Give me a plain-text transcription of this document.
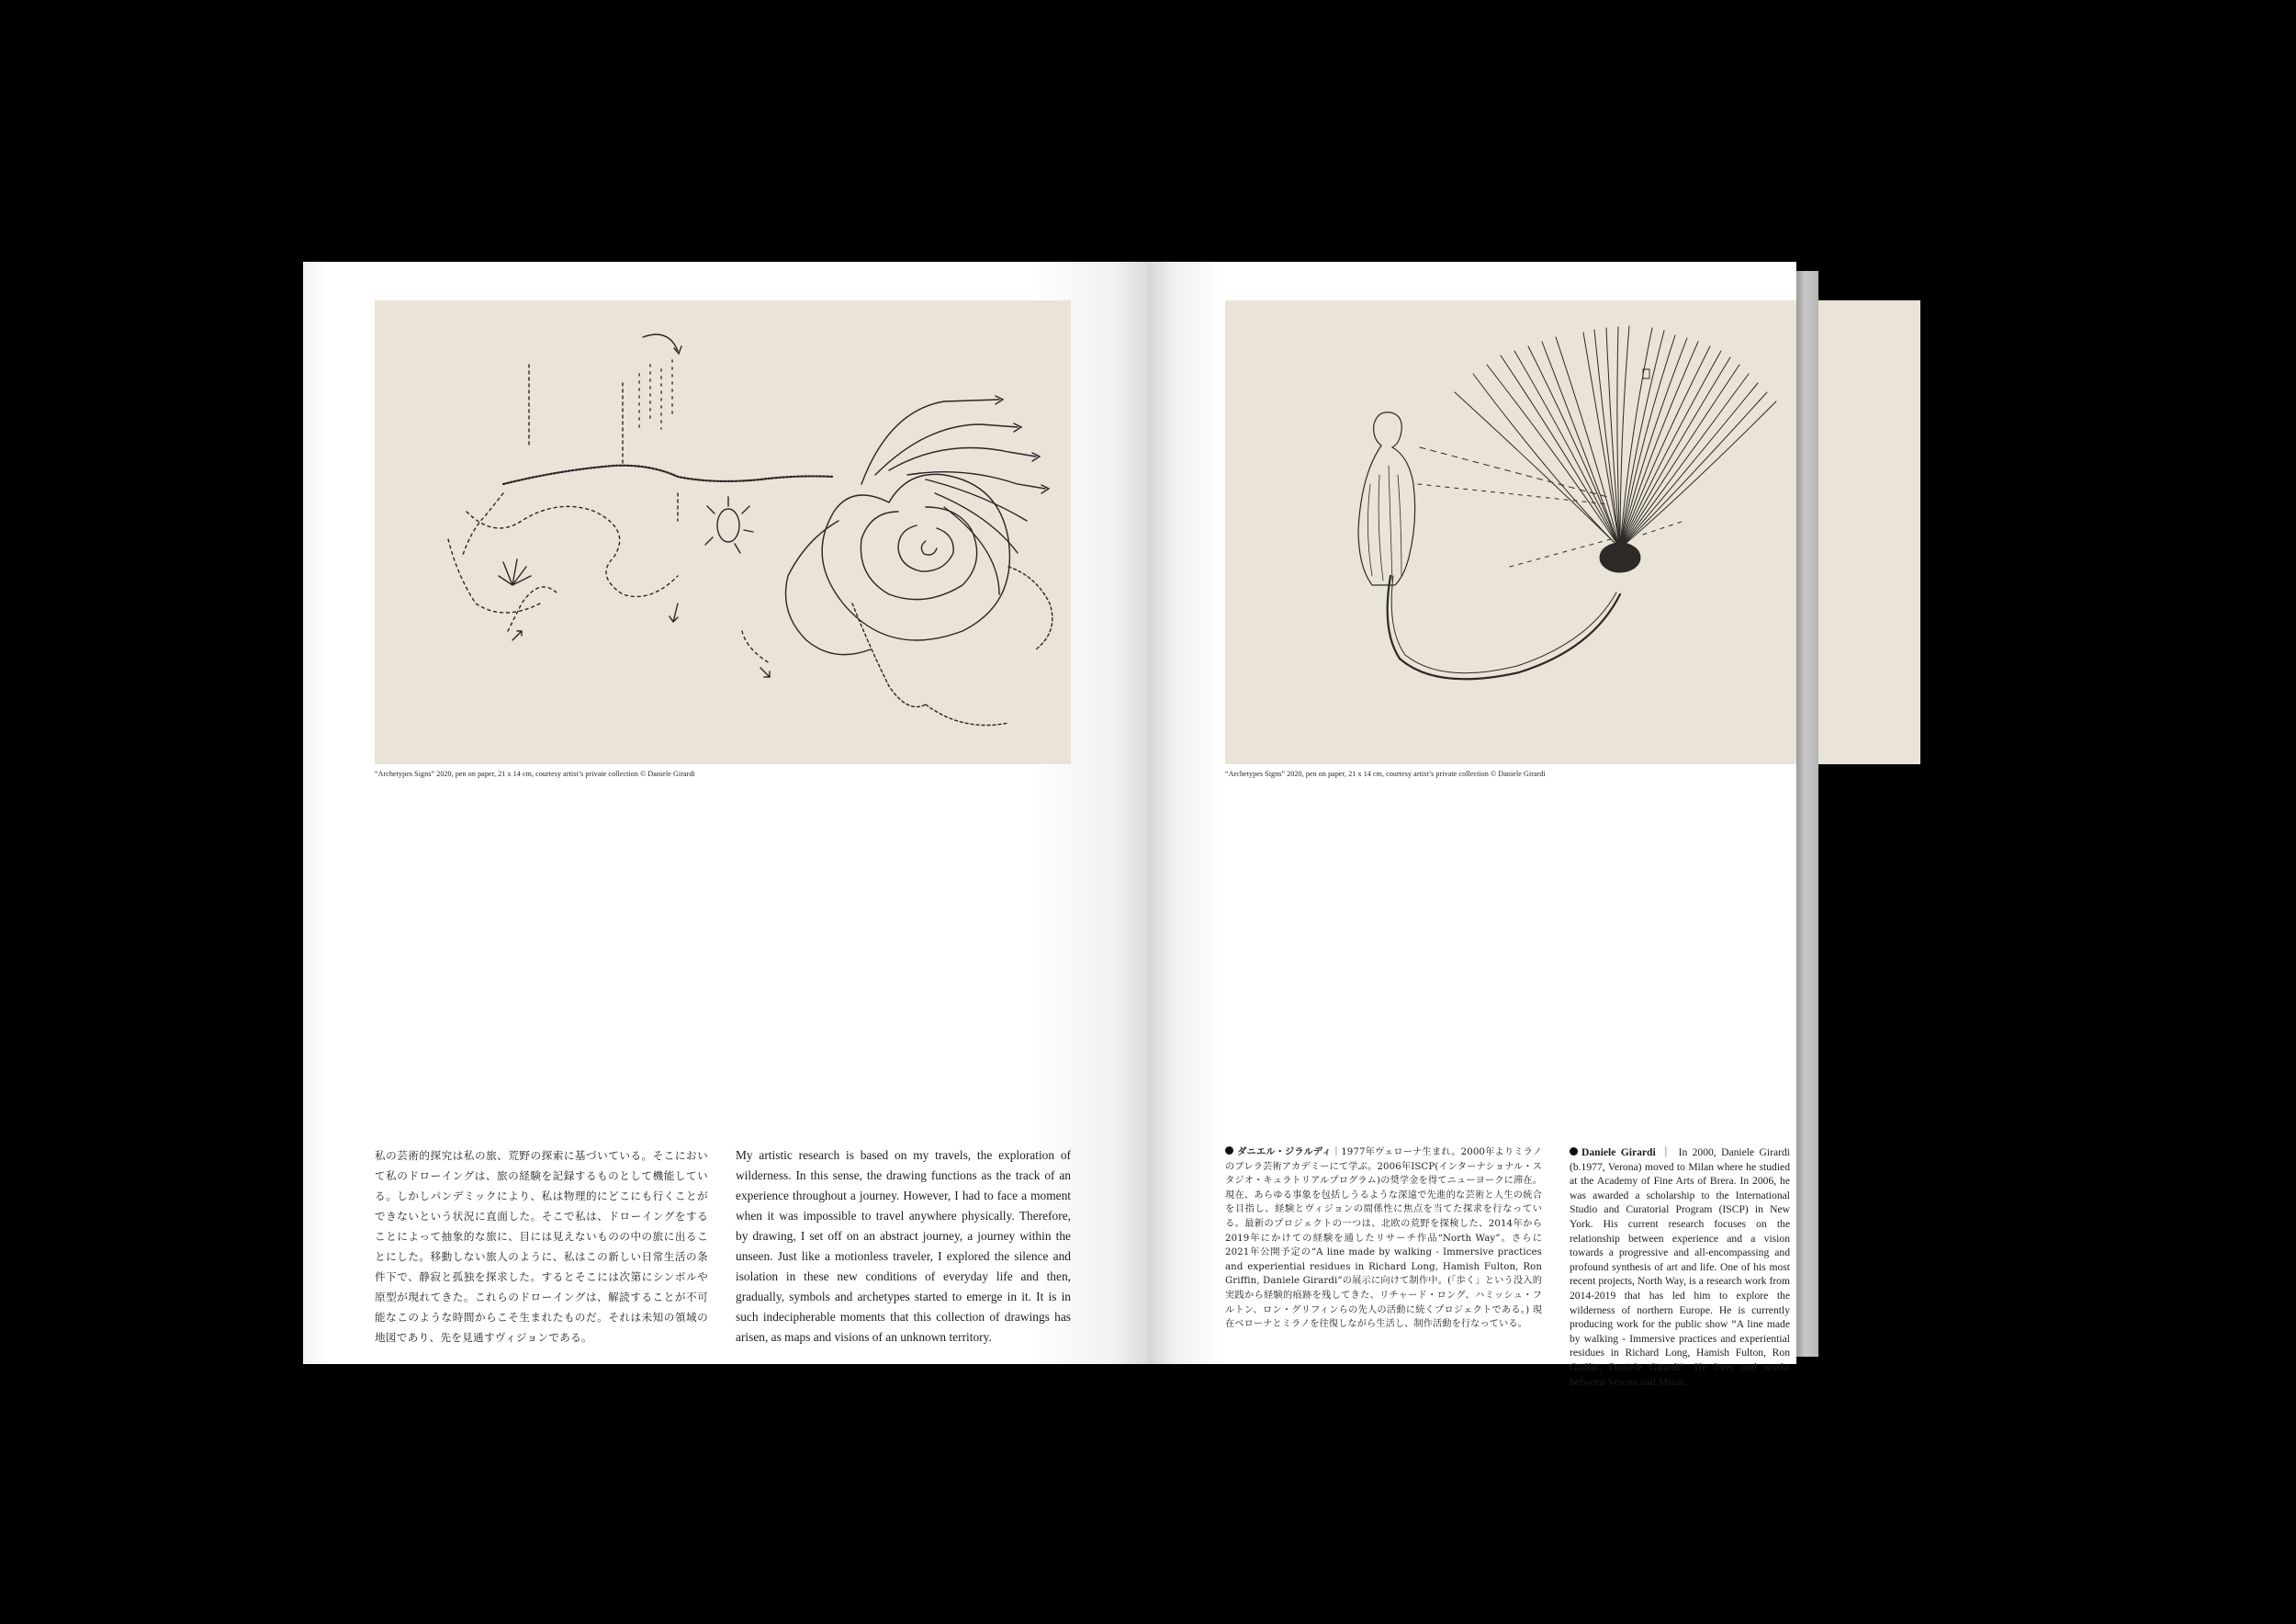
“Archetypes Signs” 2020, pen on paper, 21 x 14 cm, courtesy artist’s private collection © Daniele Girardi
私の芸術的探究は私の旅、荒野の探索に基づいている。そこにおいて私のドローイングは、旅の経験を記録するものとして機能している。しかしパンデミックにより、私は物理的にどこにも行くことができないという状況に直面した。そこで私は、ドローイングをすることによって抽象的な旅に、目には見えないものの中の旅に出ることにした。移動しない旅人のように、私はこの新しい日常生活の条件下で、静寂と孤独を探求した。するとそこには次第にシンボルや原型が現れてきた。これらのドローイングは、解読することが不可能なこのような時間からこそ生まれたものだ。それは未知の領域の地図であり、先を見通すヴィジョンである。
My artistic research is based on my travels, the exploration of wilderness. In this sense, the drawing functions as the track of an experience throughout a journey. However, I had to face a moment when it was impossible to travel anywhere physically. Therefore, by drawing, I set off on an abstract journey, a journey within the unseen. Just like a motionless traveler, I explored the silence and isolation in these new conditions of everyday life and then, gradually, symbols and archetypes started to emerge in it. It is in such indecipherable moments that this collection of drawings has arisen, as maps and visions of an unknown territory.
“Archetypes Signs” 2020, pen on paper, 21 x 14 cm, courtesy artist’s private collection © Daniele Girardi
ダニエル・ジラルディ｜1977年ヴェローナ生まれ。2000年よりミラノのブレラ芸術アカデミーにて学ぶ。2006年ISCP(インターナショナル・スタジオ・キュラトリアルプログラム)の奨学金を得てニューヨークに滞在。現在、あらゆる事象を包括しうるような深遠で先進的な芸術と人生の統合を目指し、経験とヴィジョンの間係性に焦点を当てた探求を行なっている。最新のプロジェクトの一つは、北欧の荒野を探検した、2014年から2019年にかけての経験を通したリサーチ作品“North Way”。さらに2021年公開予定の“A line made by walking - Immersive practices and experiential residues in Richard Long, Hamish Fulton, Ron Griffin, Daniele Girardi”の展示に向けて制作中。(「歩く」という没入的実践から経験的痕跡を残してきた、リチャード・ロング、ハミッシュ・フルトン、ロン・グリフィンらの先人の活動に続くプロジェクトである。) 現在ベローナとミラノを往復しながら生活し、制作活動を行なっている。
Daniele Girardi ｜ In 2000, Daniele Girardi (b.1977, Verona) moved to Milan where he studied at the Academy of Fine Arts of Brera. In 2006, he was awarded a scholarship to the International Studio and Curatorial Program (ISCP) in New York. His current research focuses on the relationship between experience and a vision towards a progressive and all-encompassing and profound synthesis of art and life. One of his most recent projects, North Way, is a research work from 2014-2019 that has led him to explore the wilderness of northern Europe. He is currently producing work for the public show “A line made by walking - Immersive practices and experiential residues in Richard Long, Hamish Fulton, Ron Griffin, Daniele Girardi”. He lives and works between Verona and Milan.
